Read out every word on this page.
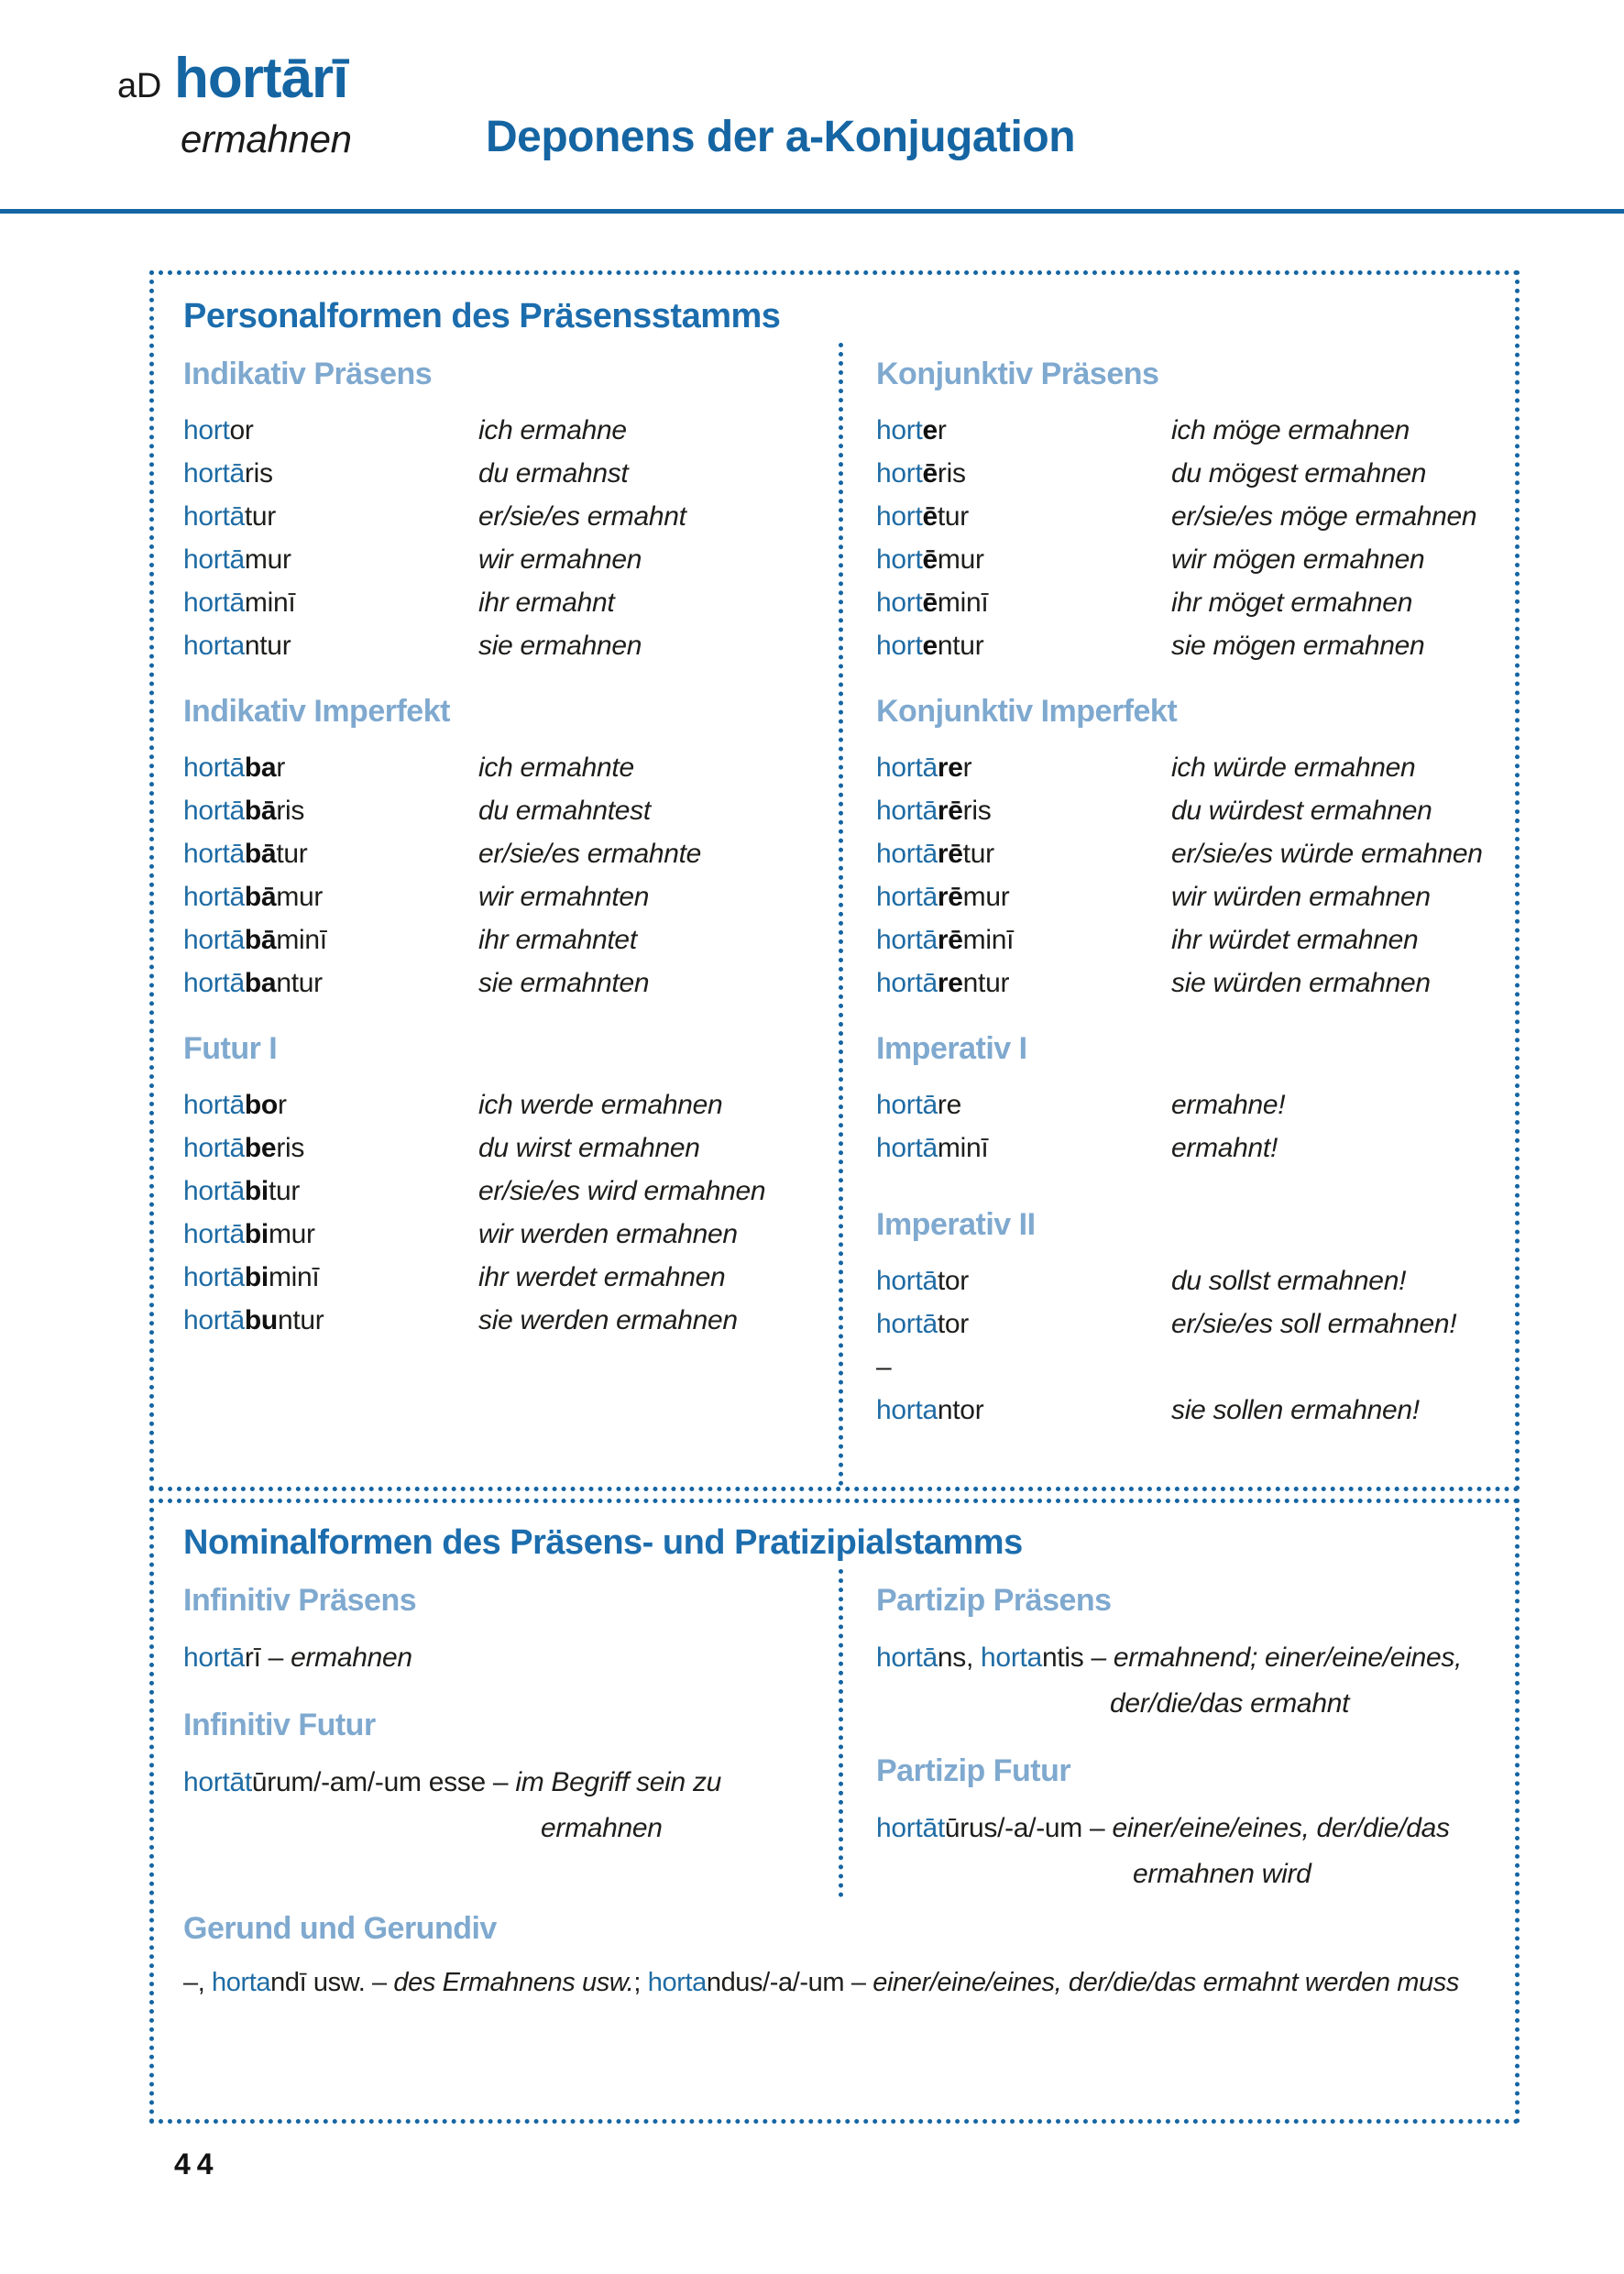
aD hortārī
ermahnen	Deponens der a-Konjugation
Personalformen des Präsensstamms
Indikativ Präsens
hortor	ich ermahne
hortāris	du ermahnst
hortātur	er/sie/es ermahnt
hortāmur	wir ermahnen
hortāminī	ihr ermahnt
hortantur	sie ermahnen
Indikativ Imperfekt
hortābar	ich ermahnte
hortābāris	du ermahntest
hortābātur	er/sie/es ermahnte
hortābāmur	wir ermahnten
hortābāminī	ihr ermahntet
hortābantur	sie ermahnten
Futur I
hortābor	ich werde ermahnen
hortāberis	du wirst ermahnen
hortābitur	er/sie/es wird ermahnen
hortābimur	wir werden ermahnen
hortābiminī	ihr werdet ermahnen
hortābuntur	sie werden ermahnen
Konjunktiv Präsens
horter	ich möge ermahnen
hortēris	du mögest ermahnen
hortētur	er/sie/es möge ermahnen
hortēmur	wir mögen ermahnen
hortēminī	ihr möget ermahnen
hortentur	sie mögen ermahnen
Konjunktiv Imperfekt
hortārer	ich würde ermahnen
hortārēris	du würdest ermahnen
hortārētur	er/sie/es würde ermahnen
hortārēmur	wir würden ermahnen
hortārēminī	ihr würdet ermahnen
hortārentur	sie würden ermahnen
Imperativ I
hortāre	ermahne!
hortāminī	ermahnt!
Imperativ II
hortātor	du sollst ermahnen!
hortātor	er/sie/es soll ermahnen!
–
hortantor	sie sollen ermahnen!
Nominalformen des Präsens- und Pratizipialstamms
Infinitiv Präsens
hortārī – ermahnen
Infinitiv Futur
hortātūrum/-am/-um esse – im Begriff sein zu
ermahnen
Partizip Präsens
hortāns, hortantis – ermahnend; einer/eine/eines,
der/die/das ermahnt
Partizip Futur
hortātūrus/-a/-um – einer/eine/eines, der/die/das
ermahnen wird
Gerund und Gerundiv
–, hortandī usw. – des Ermahnens usw.; hortandus/-a/-um – einer/eine/eines, der/die/das ermahnt werden muss
44
